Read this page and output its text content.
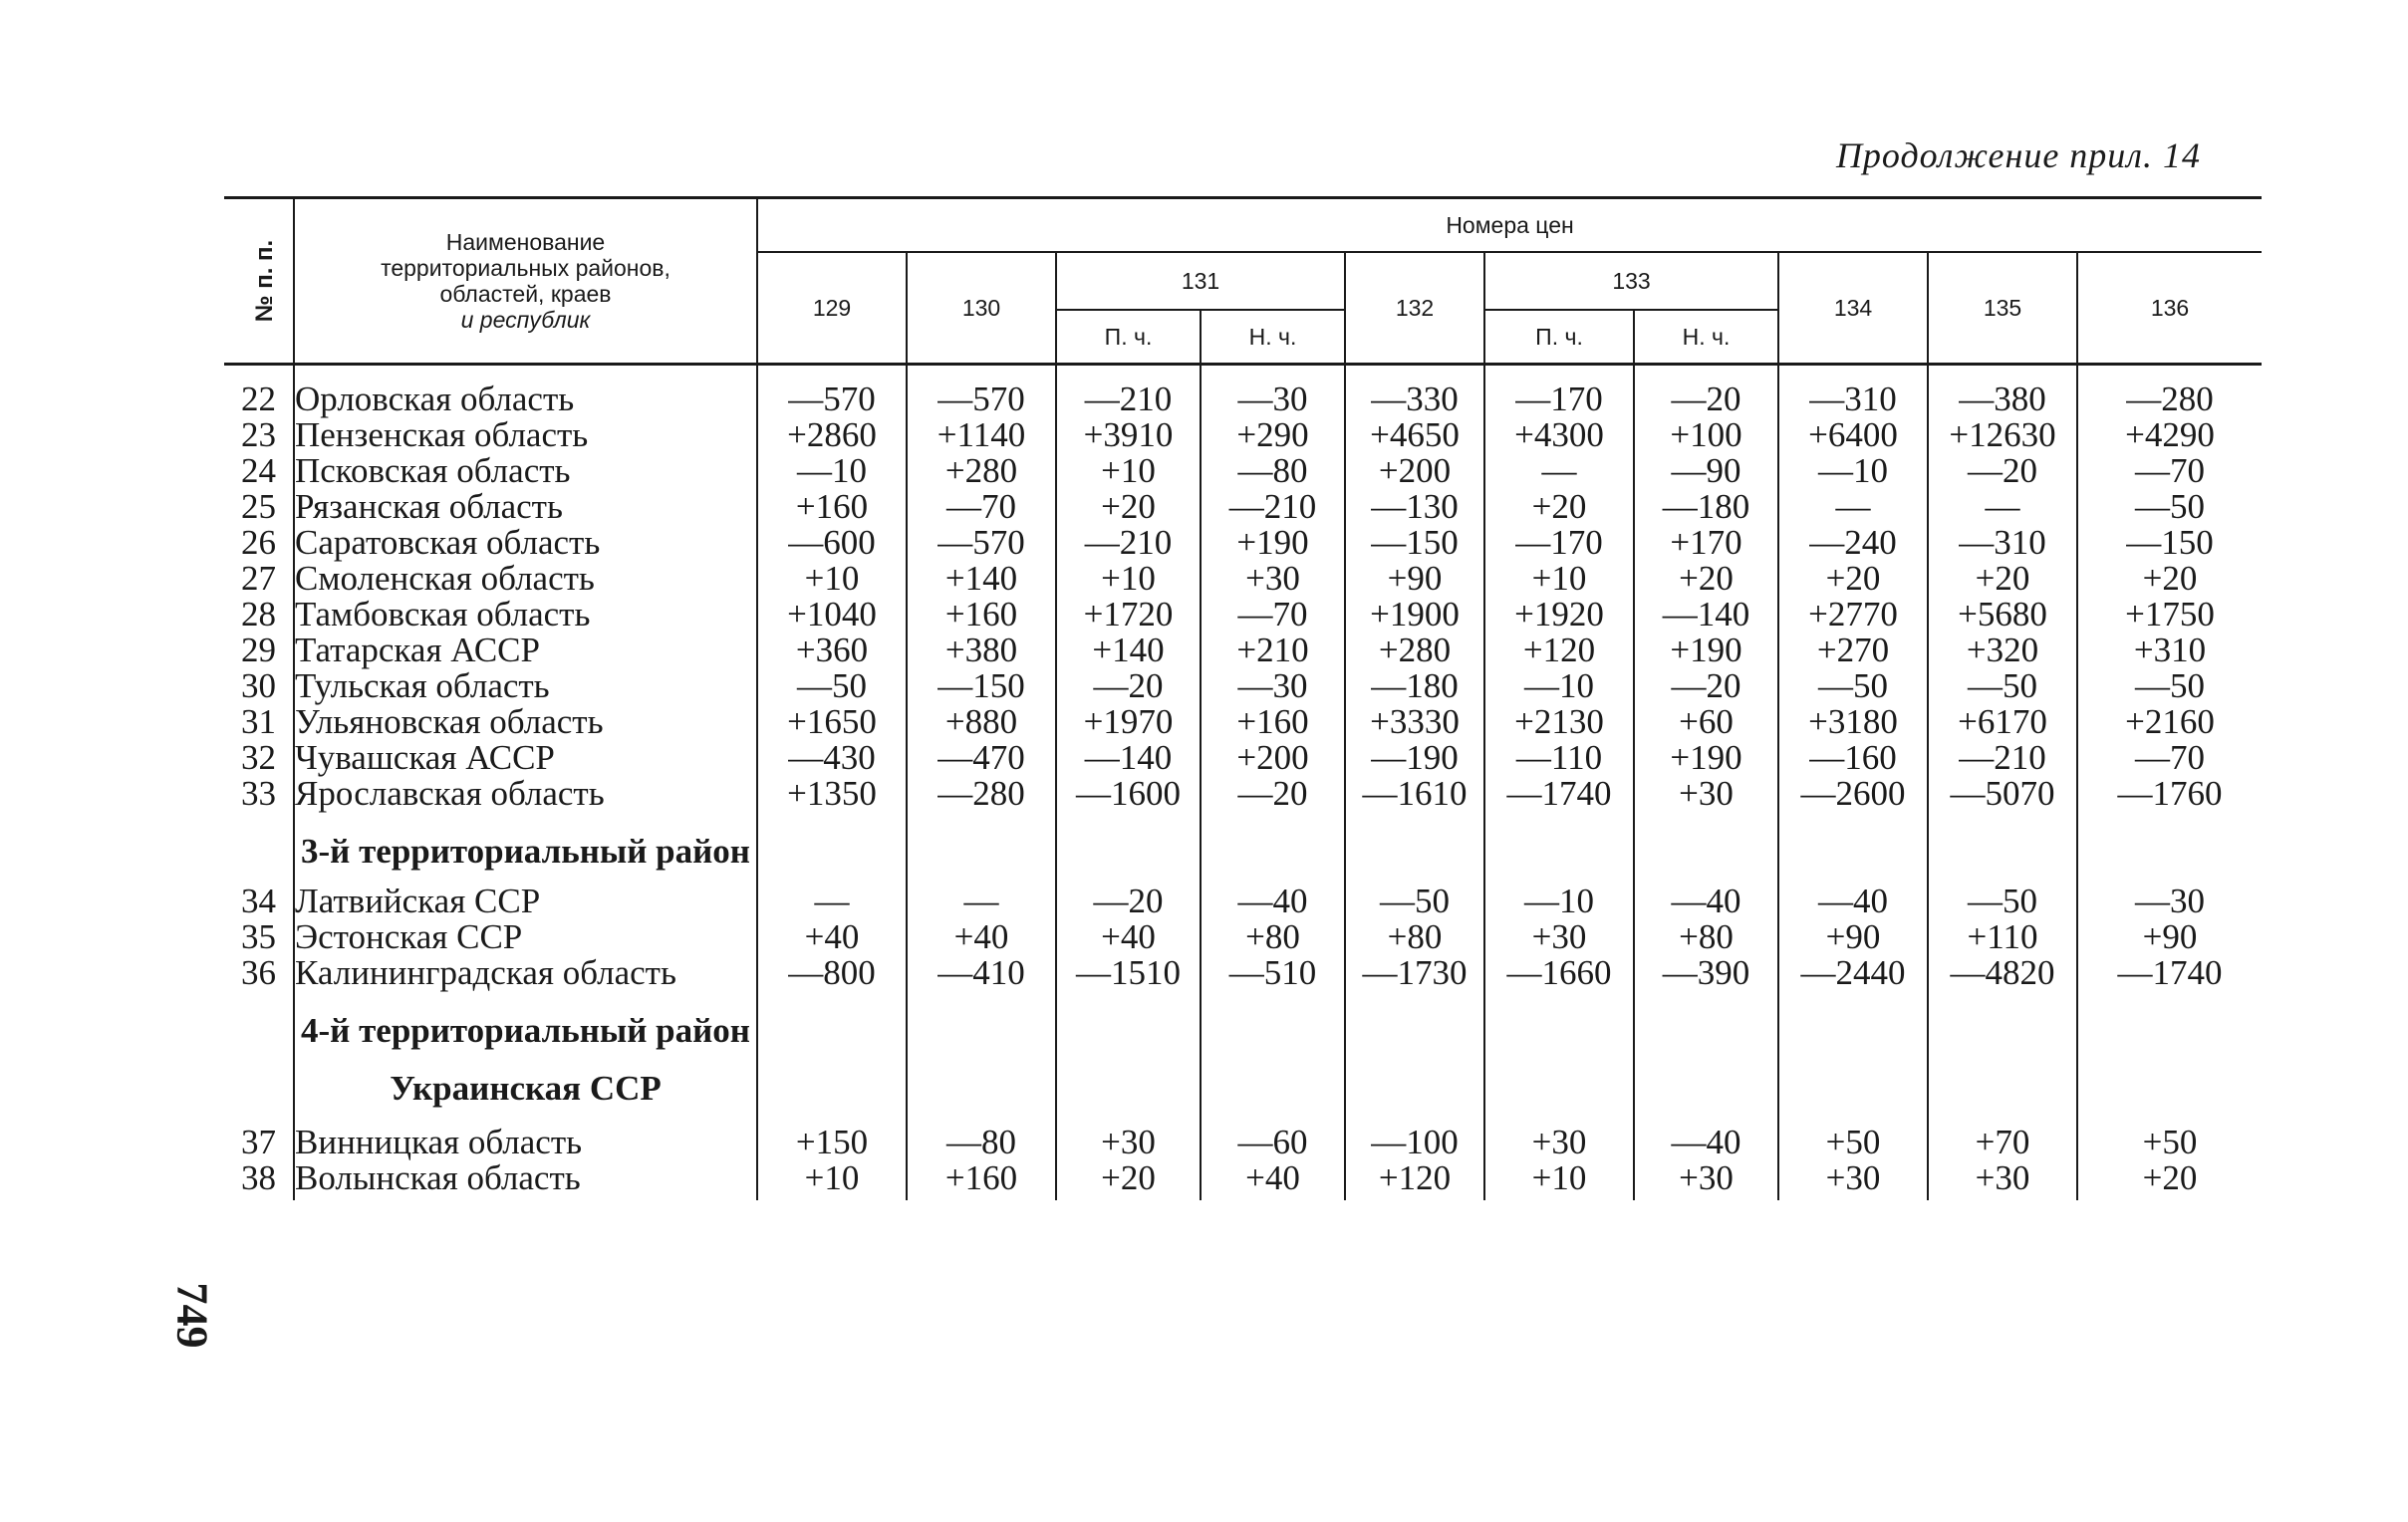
Продолжение прил. 14
749
№ п. п.	Наименование
территориальных районов,
областей, краев
и республик	Номера цен									
		129	130	131		132	133		134	135	136
				П. ч.	Н. ч.		П. ч.	Н. ч.			
22	Орловская область	—570	—570	—210	—30	—330	—170	—20	—310	—380	—280
23	Пензенская область	+2860	+1140	+3910	+290	+4650	+4300	+100	+6400	+12630	+4290
24	Псковская область	—10	+280	+10	—80	+200	—	—90	—10	—20	—70
25	Рязанская область	+160	—70	+20	—210	—130	+20	—180	—	—	—50
26	Саратовская область	—600	—570	—210	+190	—150	—170	+170	—240	—310	—150
27	Смоленская область	+10	+140	+10	+30	+90	+10	+20	+20	+20	+20
28	Тамбовская область	+1040	+160	+1720	—70	+1900	+1920	—140	+2770	+5680	+1750
29	Татарская АССР	+360	+380	+140	+210	+280	+120	+190	+270	+320	+310
30	Тульская область	—50	—150	—20	—30	—180	—10	—20	—50	—50	—50
31	Ульяновская область	+1650	+880	+1970	+160	+3330	+2130	+60	+3180	+6170	+2160
32	Чувашская АССР	—430	—470	—140	+200	—190	—110	+190	—160	—210	—70
33	Ярославская область	+1350	—280	—1600	—20	—1610	—1740	+30	—2600	—5070	—1760
	3-й территориальный район										
34	Латвийская ССР	—	—	—20	—40	—50	—10	—40	—40	—50	—30
35	Эстонская ССР	+40	+40	+40	+80	+80	+30	+80	+90	+110	+90
36	Калининградская область	—800	—410	—1510	—510	—1730	—1660	—390	—2440	—4820	—1740
	4-й территориальный район										
	Украинская ССР										
37	Винницкая область	+150	—80	+30	—60	—100	+30	—40	+50	+70	+50
38	Волынская область	+10	+160	+20	+40	+120	+10	+30	+30	+30	+20
